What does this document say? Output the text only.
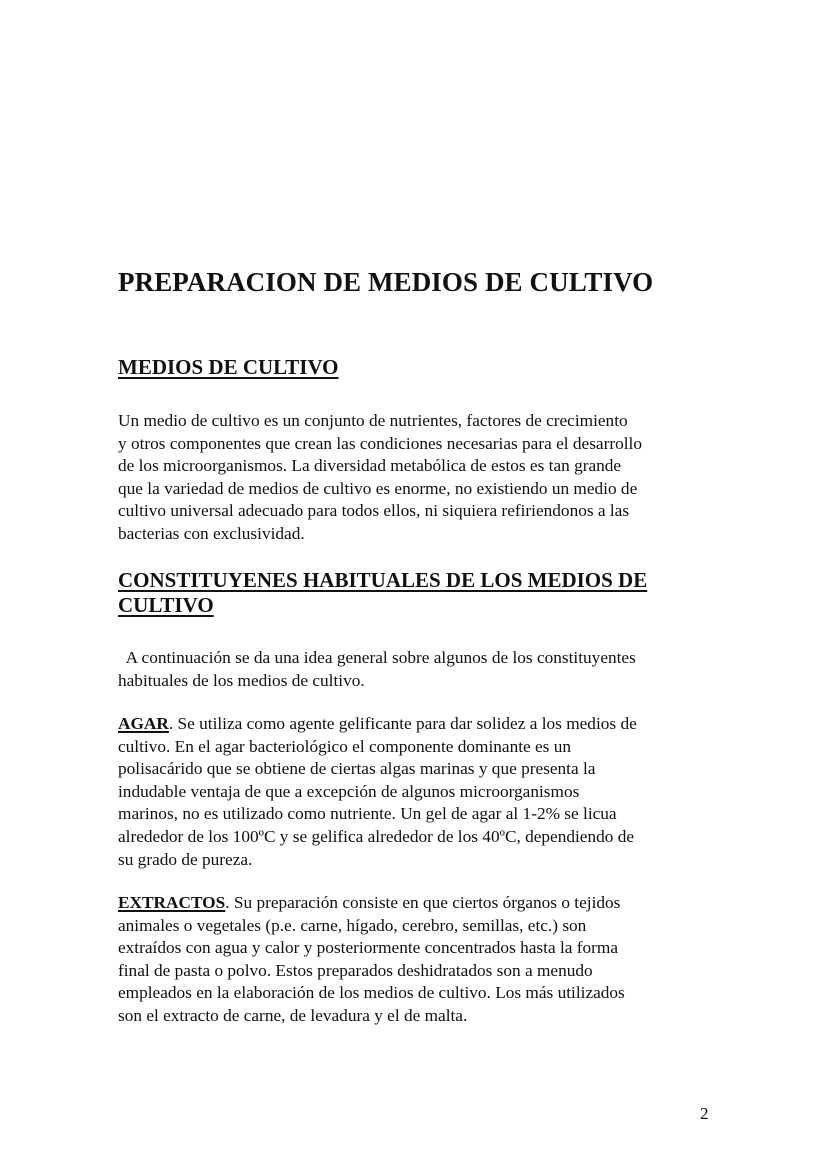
PREPARACION DE MEDIOS DE CULTIVO
MEDIOS DE CULTIVO

Un medio de cultivo es un conjunto de nutrientes, factores de crecimiento
y otros componentes que crean las condiciones necesarias para el desarrollo
de los microorganismos. La diversidad metabólica de estos es tan grande
que la variedad de medios de cultivo es enorme, no existiendo un medio de
cultivo universal adecuado para todos ellos, ni siquiera refiriendonos a las
bacterias con exclusividad.

CONSTITUYENES HABITUALES DE LOS MEDIOS DE
CULTIVO

A continuación se da una idea general sobre algunos de los constituyentes
habituales de los medios de cultivo.

AGAR. Se utiliza como agente gelificante para dar solidez a los medios de
cultivo. En el agar bacteriológico el componente dominante es un
polisacárido que se obtiene de ciertas algas marinas y que presenta la
indudable ventaja de que a excepción de algunos microorganismos
marinos, no es utilizado como nutriente. Un gel de agar al 1-2% se licua
alrededor de los 100ºC y se gelifica alrededor de los 40ºC, dependiendo de
su grado de pureza.

EXTRACTOS. Su preparación consiste en que ciertos órganos o tejidos
animales o vegetales (p.e. carne, hígado, cerebro, semillas, etc.) son
extraídos con agua y calor y posteriormente concentrados hasta la forma
final de pasta o polvo. Estos preparados deshidratados son a menudo
empleados en la elaboración de los medios de cultivo. Los más utilizados
son el extracto de carne, de levadura y el de malta.

2
